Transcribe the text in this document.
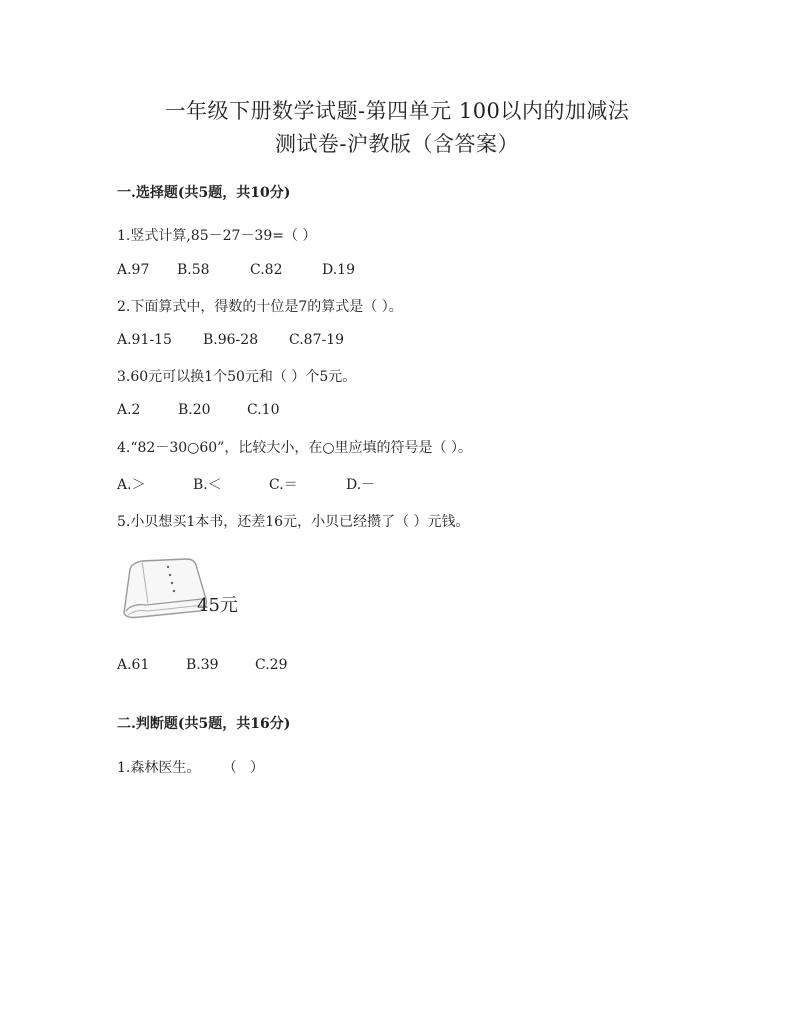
一年级下册数学试题-第四单元 100以内的加减法
测试卷-沪教版（含答案）
一.选择题(共5题，共10分)
1.竖式计算,85－27－39=（ ）
A.97 B.58	C.82	D.19
2.下面算式中，得数的十位是7的算式是（ ）。
A.91-15 B.96-28 C.87-19
3.60元可以换1个50元和（ ）个5元。
A.2	B.20	C.10
4.“82－30○60”，比较大小，在○里应填的符号是（ ）。
A.＞	B.＜	C.＝	D.－
5.小贝想买1本书，还差16元，小贝已经攒了（ ）元钱。
45元
A.61	B.39	C.29
二.判断题(共5题，共16分)
1.森林医生。     （   ）
